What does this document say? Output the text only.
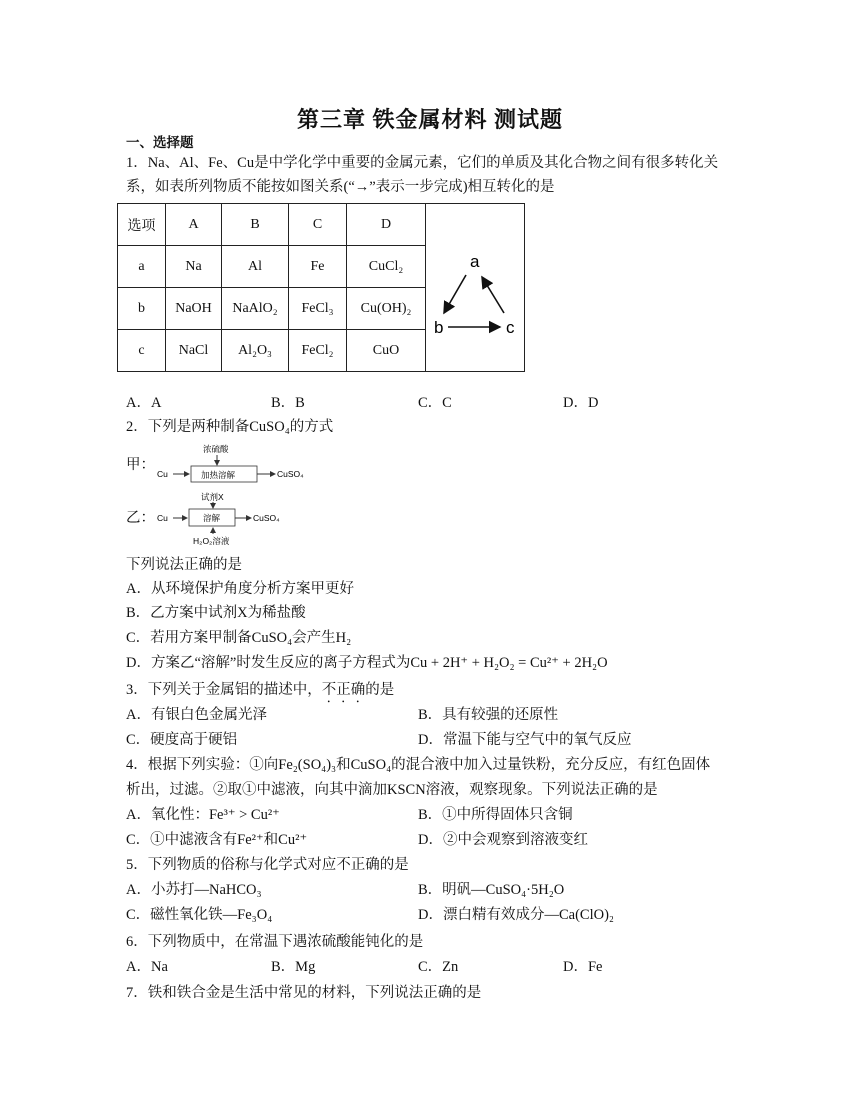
第三章 铁金属材料 测试题
一、选择题
1．Na、Al、Fe、Cu是中学化学中重要的金属元素，它们的单质及其化合物之间有很多转化关
系，如表所列物质不能按如图关系(“→”表示一步完成)相互转化的是
选项	A	B	C	D	a
b c

a	Na	Al	Fe	CuCl₂	
b	NaOH	NaAlO₂	FeCl₃	Cu(OH)₂	
c	NaCl	Al₂O₃	FeCl₂	CuO	
A．A	B．B	C．C	D．D
2．下列是两种制备CuSO₄的方式
甲：
浓硫酸
Cu	加热溶解	CuSO₄
乙：
试剂X
Cu	溶解	CuSO₄
H₂O₂溶液
下列说法正确的是
A．从环境保护角度分析方案甲更好
B．乙方案中试剂X为稀盐酸
C．若用方案甲制备CuSO₄会产生H₂
D．方案乙“溶解”时发生反应的离子方程式为Cu + 2H⁺ + H₂O₂ = Cu²⁺ + 2H₂O
3．下列关于金属铝的描述中，不正确的是
A．有银白色金属光泽	B．具有较强的还原性
C．硬度高于硬铝	D．常温下能与空气中的氧气反应
4．根据下列实验：①向Fe₂(SO₄)₃和CuSO₄的混合液中加入过量铁粉，充分反应，有红色固体
析出，过滤。②取①中滤液，向其中滴加KSCN溶液，观察现象。下列说法正确的是
A．氧化性：Fe³⁺ > Cu²⁺	B．①中所得固体只含铜
C．①中滤液含有Fe²⁺和Cu²⁺	D．②中会观察到溶液变红
5．下列物质的俗称与化学式对应不正确的是
A．小苏打—NaHCO₃	B．明矾—CuSO₄·5H₂O
C．磁性氧化铁—Fe₃O₄	D．漂白精有效成分—Ca(ClO)₂
6．下列物质中，在常温下遇浓硫酸能钝化的是
A．Na	B．Mg	C．Zn	D．Fe
7．铁和铁合金是生活中常见的材料，下列说法正确的是
